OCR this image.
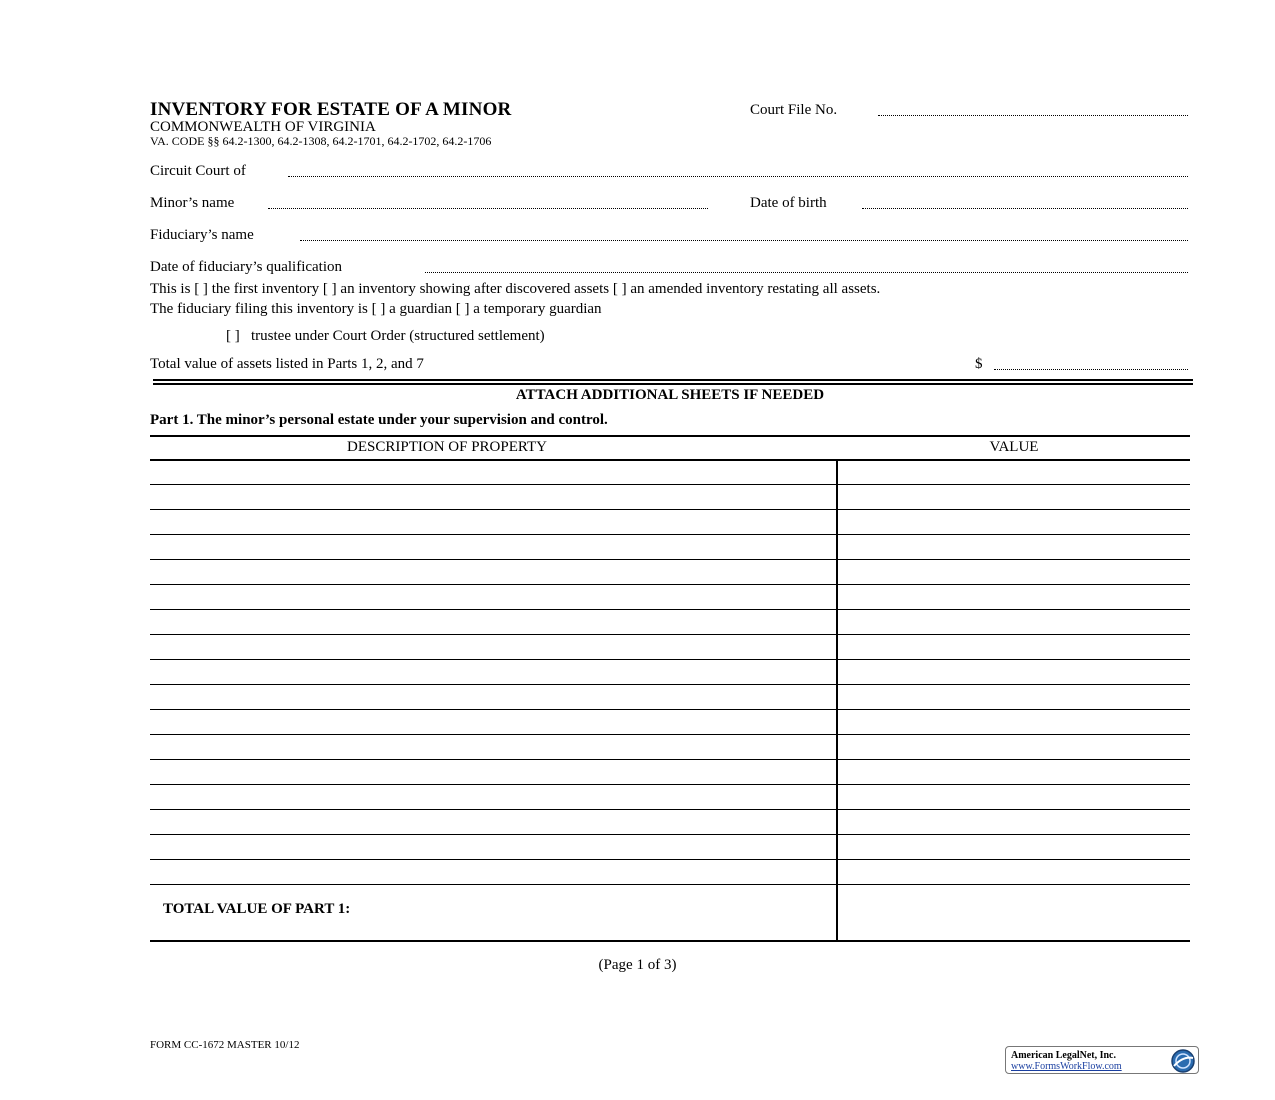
INVENTORY FOR ESTATE OF A MINOR
COMMONWEALTH OF VIRGINIA
VA. CODE §§ 64.2-1300, 64.2-1308, 64.2-1701, 64.2-1702, 64.2-1706
Court File No.
Circuit Court of
Minor’s name	Date of birth
Fiduciary’s name
Date of fiduciary’s qualification
This is [ ] the first inventory [ ] an inventory showing after discovered assets [ ] an amended inventory restating all assets.
The fiduciary filing this inventory is [ ] a guardian [ ] a temporary guardian
[ ] trustee under Court Order (structured settlement)
Total value of assets listed in Parts 1, 2, and 7	$
ATTACH ADDITIONAL SHEETS IF NEEDED
Part 1. The minor’s personal estate under your supervision and control.
DESCRIPTION OF PROPERTY	VALUE
TOTAL VALUE OF PART 1:
(Page 1 of 3)
FORM CC-1672 MASTER 10/12
American LegalNet, Inc.
www.FormsWorkFlow.com
